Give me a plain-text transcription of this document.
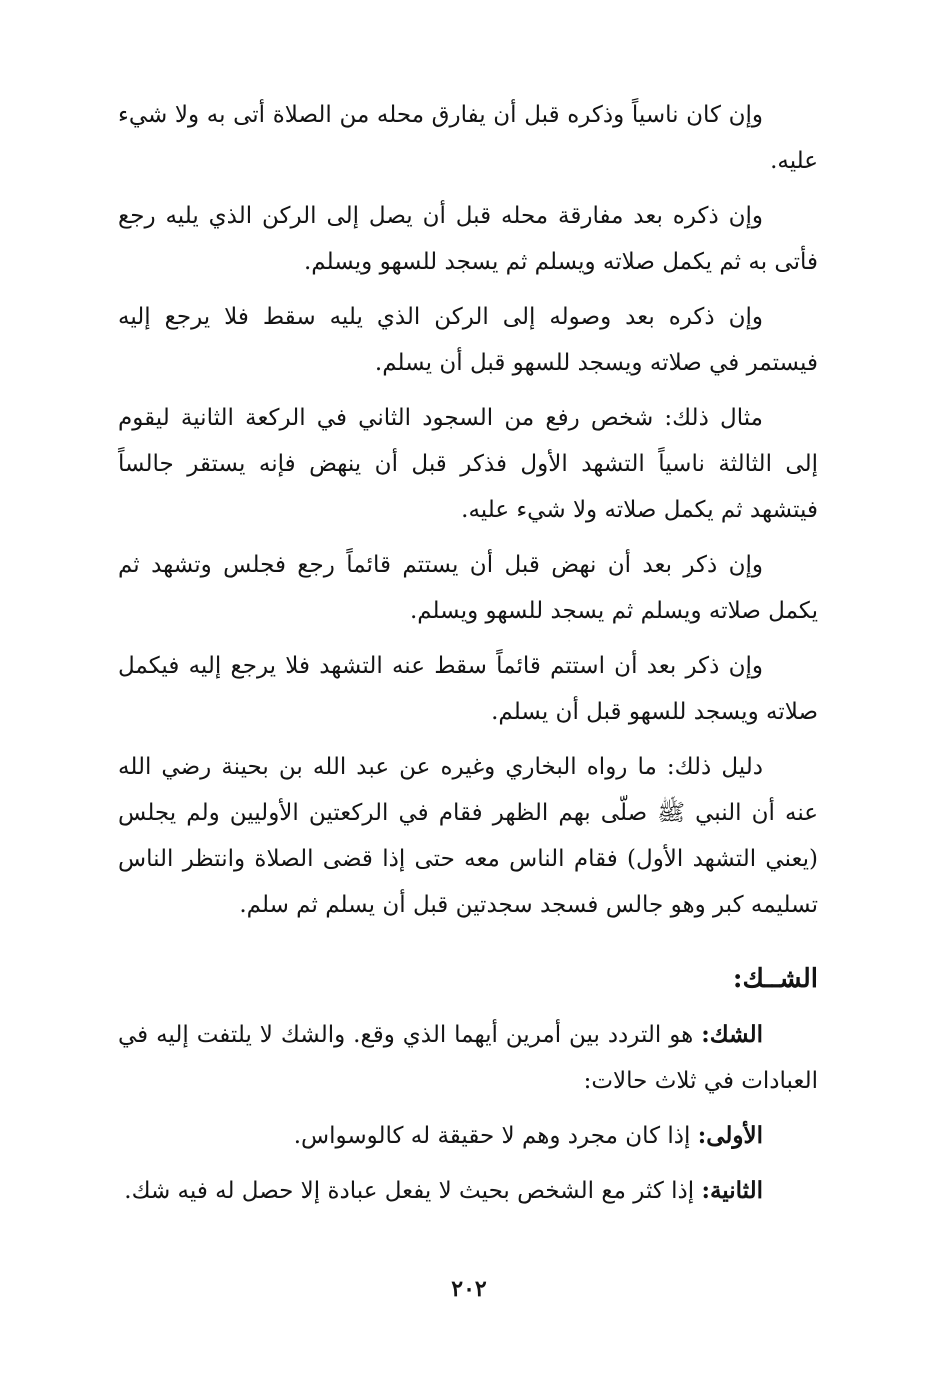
وإن كان ناسياً وذكره قبل أن يفارق محله من الصلاة أتى به ولا شيء عليه.

وإن ذكره بعد مفارقة محله قبل أن يصل إلى الركن الذي يليه رجع فأتى به ثم يكمل صلاته ويسلم ثم يسجد للسهو ويسلم.

وإن ذكره بعد وصوله إلى الركن الذي يليه سقط فلا يرجع إليه فيستمر في صلاته ويسجد للسهو قبل أن يسلم.

مثال ذلك: شخص رفع من السجود الثاني في الركعة الثانية ليقوم إلى الثالثة ناسياً التشهد الأول فذكر قبل أن ينهض فإنه يستقر جالساً فيتشهد ثم يكمل صلاته ولا شيء عليه.

وإن ذكر بعد أن نهض قبل أن يستتم قائماً رجع فجلس وتشهد ثم يكمل صلاته ويسلم ثم يسجد للسهو ويسلم.

وإن ذكر بعد أن استتم قائماً سقط عنه التشهد فلا يرجع إليه فيكمل صلاته ويسجد للسهو قبل أن يسلم.

دليل ذلك: ما رواه البخاري وغيره عن عبد الله بن بحينة رضي الله عنه أن النبي ﷺ صلّى بهم الظهر فقام في الركعتين الأوليين ولم يجلس (يعني التشهد الأول) فقام الناس معه حتى إذا قضى الصلاة وانتظر الناس تسليمه كبر وهو جالس فسجد سجدتين قبل أن يسلم ثم سلم.

الشــك:

الشك: هو التردد بين أمرين أيهما الذي وقع. والشك لا يلتفت إليه في العبادات في ثلاث حالات:

الأولى: إذا كان مجرد وهم لا حقيقة له كالوسواس.

الثانية: إذا كثر مع الشخص بحيث لا يفعل عبادة إلا حصل له فيه شك.

٢٠٢
